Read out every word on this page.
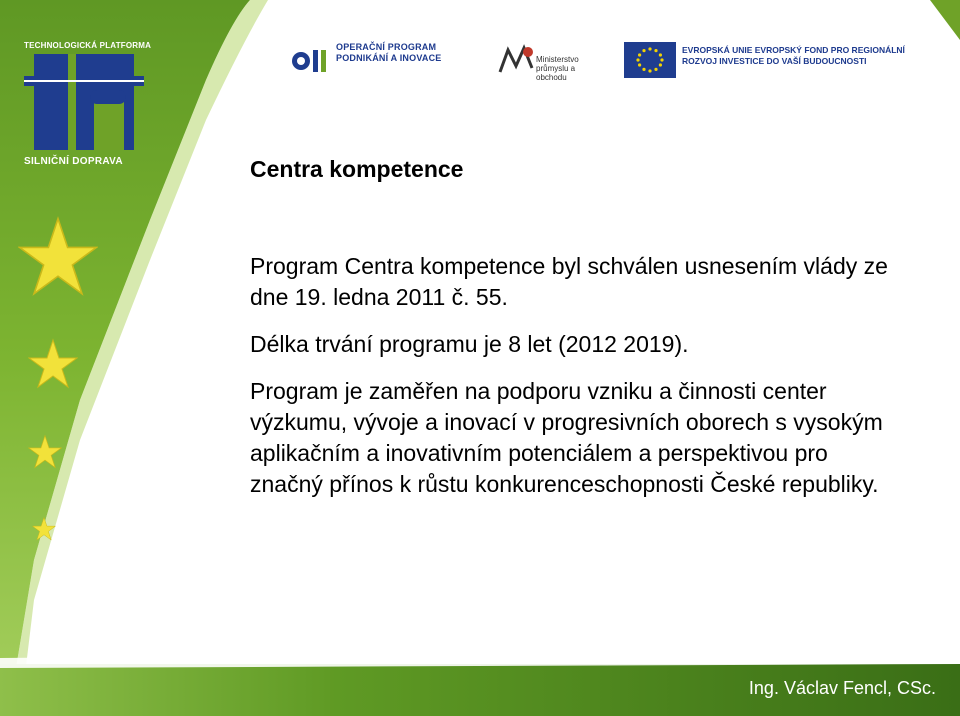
TECHNOLOGICKÁ PLATFORMA
SILNIČNÍ DOPRAVA
OPERAČNÍ PROGRAM PODNIKÁNÍ A INOVACE	Ministerstvo průmyslu a obchodu
EVROPSKÁ UNIE EVROPSKÝ FOND PRO REGIONÁLNÍ ROZVOJ INVESTICE DO VAŠÍ BUDOUCNOSTI
Centra kompetence
Program Centra kompetence byl schválen usnesením vlády ze dne 19. ledna 2011 č. 55.
Délka trvání programu je 8 let (2012 2019).
Program je zaměřen na podporu vzniku a činnosti center výzkumu, vývoje a inovací v progresivních oborech s vysokým aplikačním a inovativním potenciálem a perspektivou pro značný přínos k růstu konkurenceschopnosti České republiky.
Ing. Václav Fencl, CSc.
